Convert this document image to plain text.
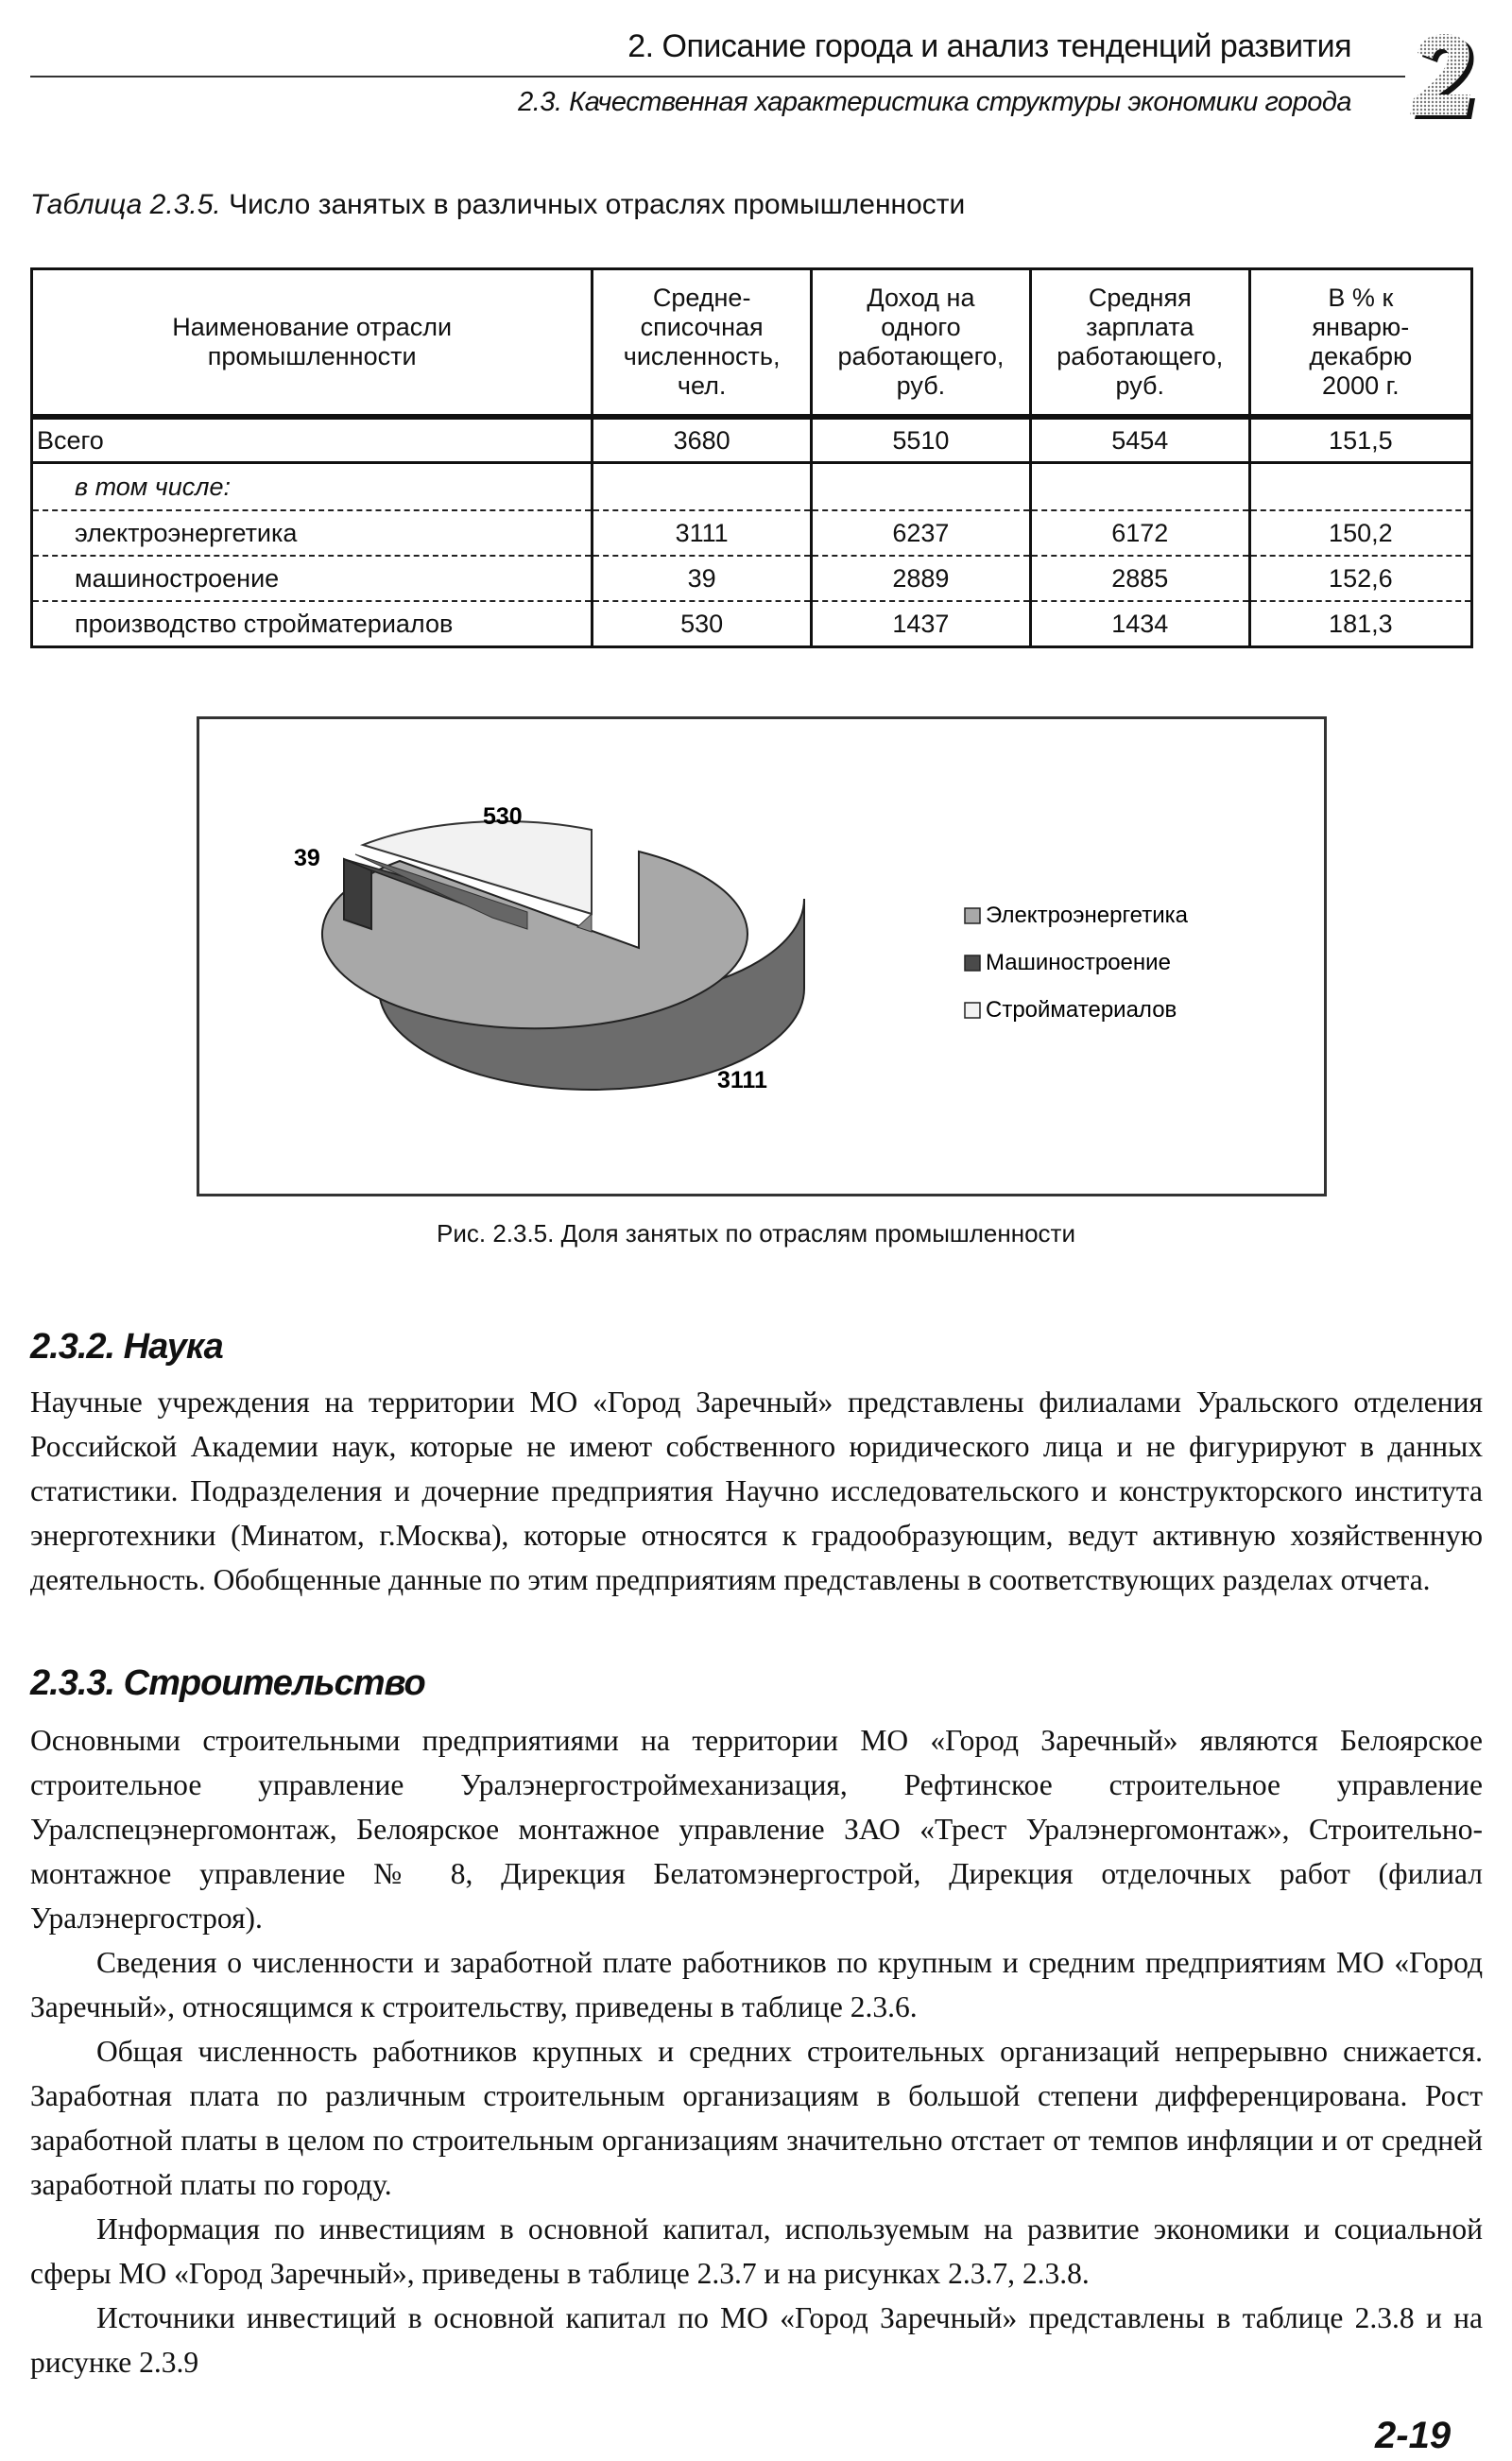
2. Описание города и анализ тенденций развития
2.3. Качественная характеристика структуры экономики города
Таблица 2.3.5. Число занятых в различных отраслях промышленности
Наименование отрасли промышленности	Средне-списочная численность, чел.	Доход на одного работающего, руб.	Средняя зарплата работающего, руб.	В % к январю-декабрю 2000 г.

Всего	3680	5510	5454	151,5
в том числе:				
электроэнергетика	3111	6237	6172	150,2
машиностроение	39	2889	2885	152,6
производство стройматериалов	530	1437	1434	181,3
39
530
3111
Электроэнергетика
Машиностроение
Стройматериалов
Рис. 2.3.5. Доля занятых по отраслям промышленности
2.3.2. Наука

Научные учреждения на территории МО «Город Заречный» представлены филиалами Уральского отделения Российской Академии наук, которые не имеют собственного юридического лица и не фигурируют в данных статистики. Подразделения и дочерние предприятия Научно исследовательского и конструкторского института энерготехники (Минатом, г.Москва), которые относятся к градообразующим, ведут активную хозяйственную деятельность. Обобщенные данные по этим предприятиям представлены в соответствующих разделах отчета.

2.3.3. Строительство

Основными строительными предприятиями на территории МО «Город Заречный» являются Белоярское строительное управление Уралэнергостроймеханизация, Рефтинское строительное управление Уралспецэнергомонтаж, Белоярское монтажное управление ЗАО «Трест Уралэнергомонтаж», Строительно-монтажное управление № 8, Дирекция Белатомэнергострой, Дирекция отделочных работ (филиал Уралэнергостроя).

Сведения о численности и заработной плате работников по крупным и средним предприятиям МО «Город Заречный», относящимся к строительству, приведены в таблице 2.3.6.

Общая численность работников крупных и средних строительных организаций непрерывно снижается. Заработная плата по различным строительным организациям в большой степени дифференцирована. Рост заработной платы в целом по строительным организациям значительно отстает от темпов инфляции и от средней заработной платы по городу.

Информация по инвестициям в основной капитал, используемым на развитие экономики и социальной сферы МО «Город Заречный», приведены в таблице 2.3.7 и на рисунках 2.3.7, 2.3.8.

Источники инвестиций в основной капитал по МО «Город Заречный» представлены в таблице 2.3.8 и на рисунке 2.3.9

2-19
